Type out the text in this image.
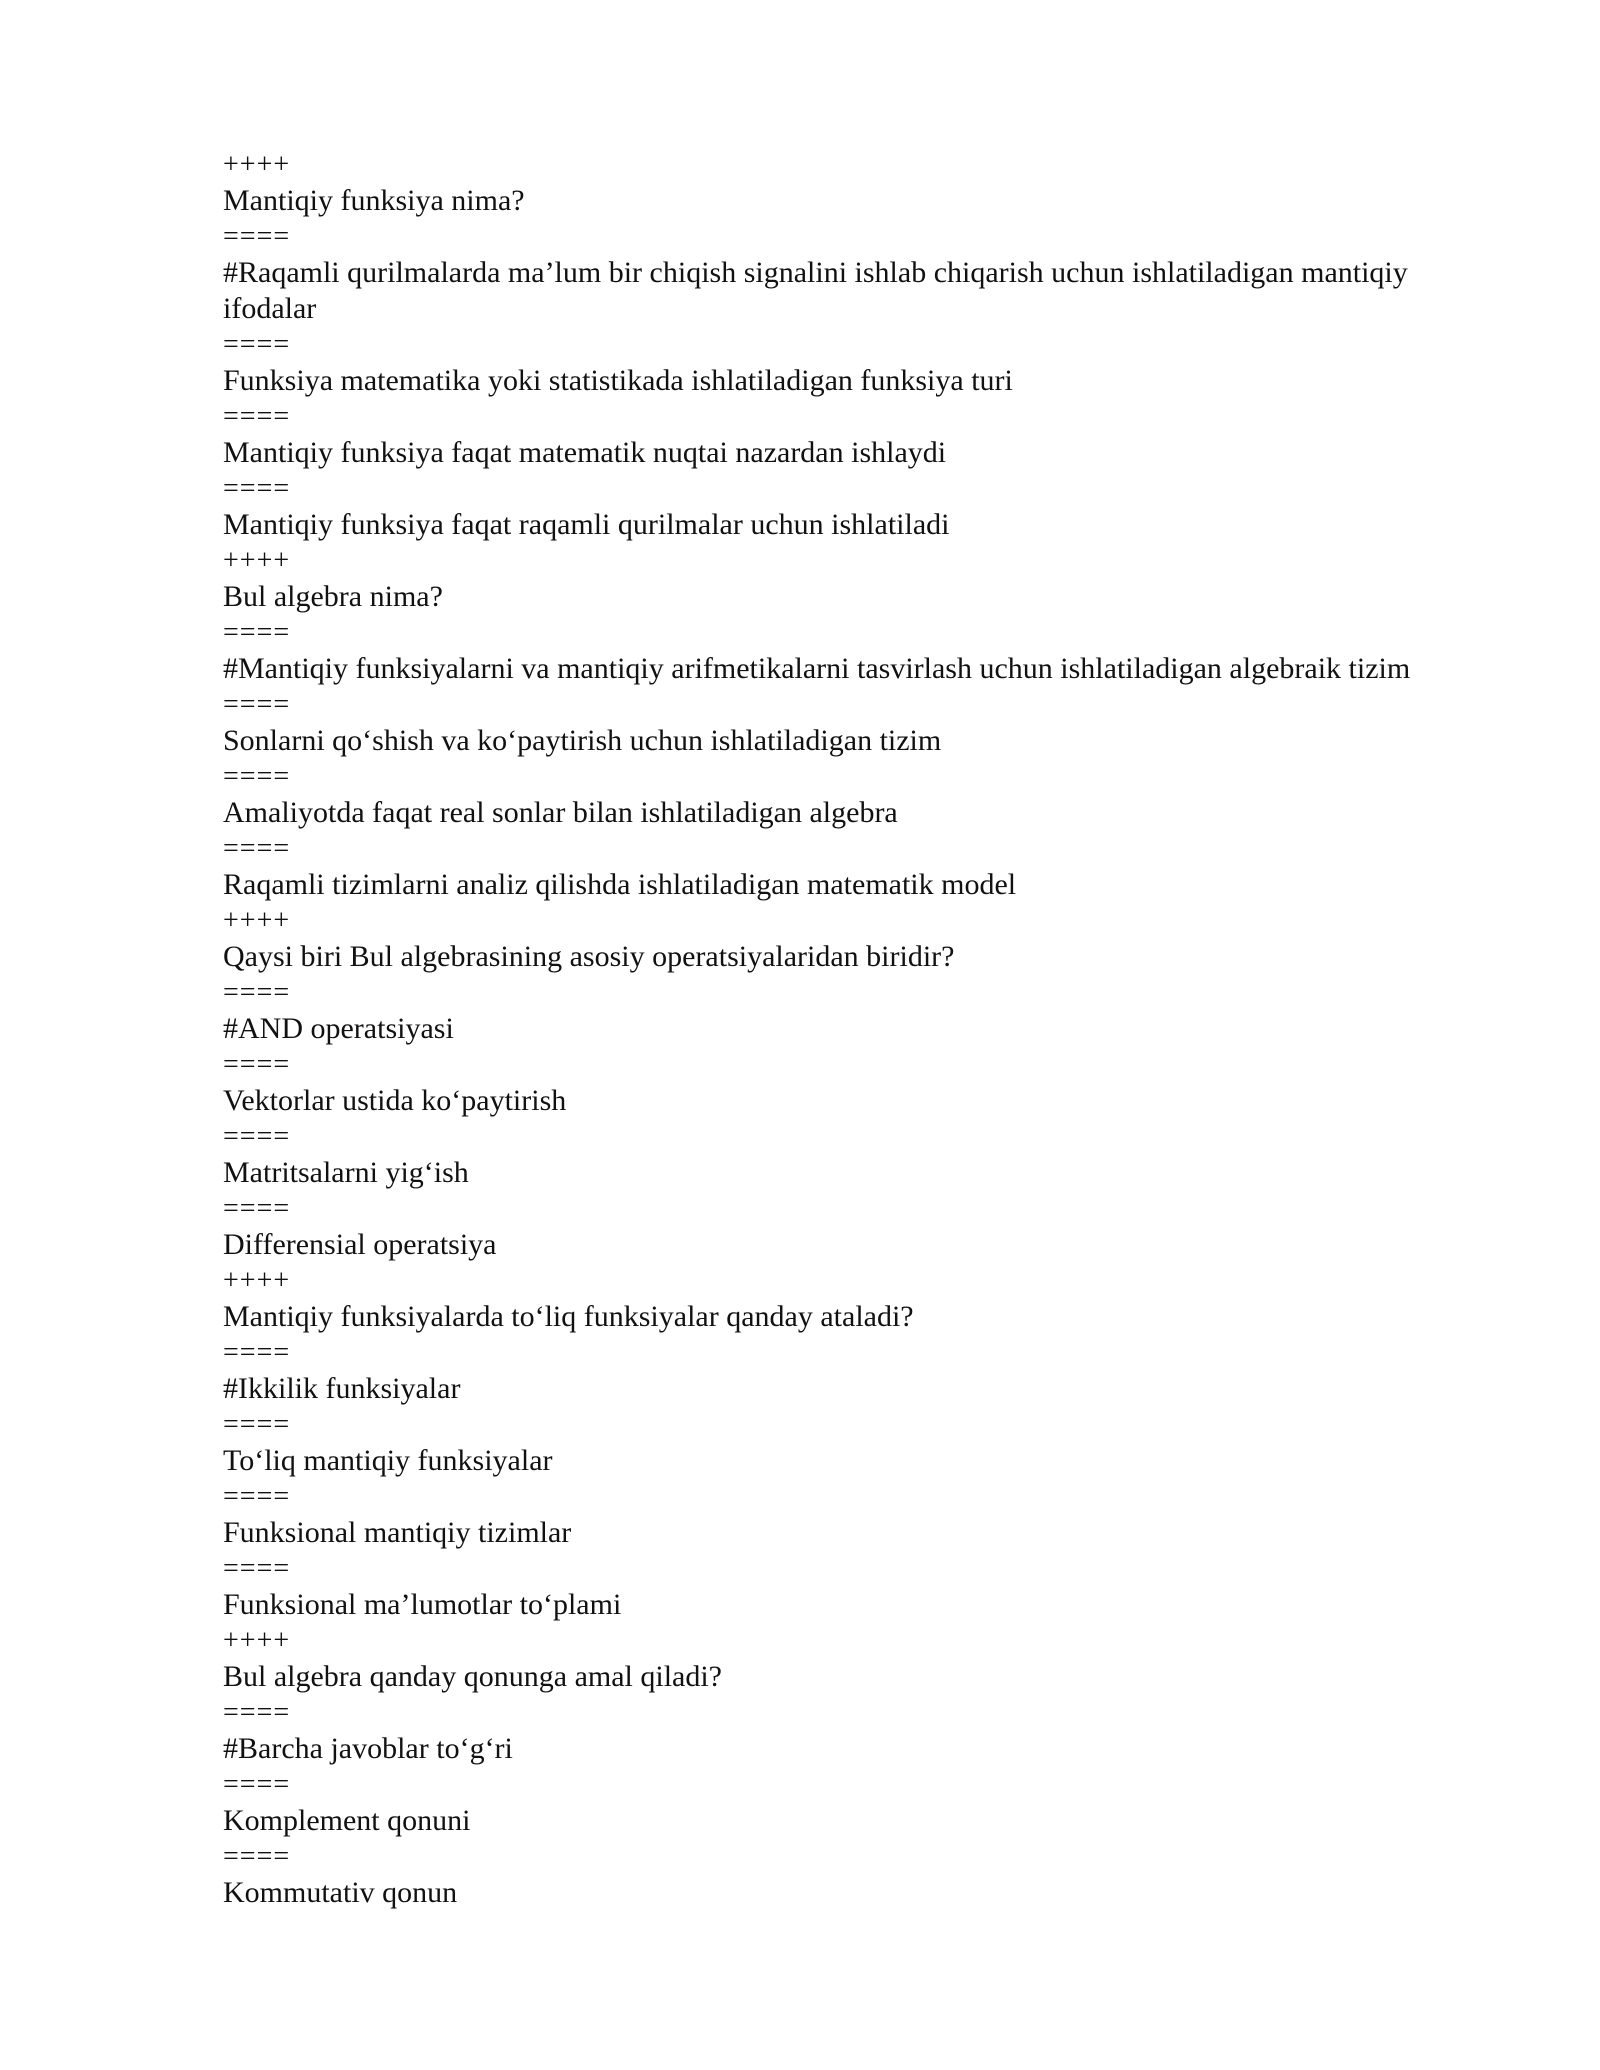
++++

Mantiqiy funksiya nima?

====

#Raqamli qurilmalarda ma’lum bir chiqish signalini ishlab chiqarish uchun ishlatiladigan mantiqiy ifodalar

====

Funksiya matematika yoki statistikada ishlatiladigan funksiya turi

====

Mantiqiy funksiya faqat matematik nuqtai nazardan ishlaydi

====

Mantiqiy funksiya faqat raqamli qurilmalar uchun ishlatiladi

++++

Bul algebra nima?

====

#Mantiqiy funksiyalarni va mantiqiy arifmetikalarni tasvirlash uchun ishlatiladigan algebraik tizim

====

Sonlarni qo‘shish va ko‘paytirish uchun ishlatiladigan tizim

====

Amaliyotda faqat real sonlar bilan ishlatiladigan algebra

====

Raqamli tizimlarni analiz qilishda ishlatiladigan matematik model

++++

Qaysi biri Bul algebrasining asosiy operatsiyalaridan biridir?

====

#AND operatsiyasi

====

Vektorlar ustida ko‘paytirish

====

Matritsalarni yig‘ish

====

Differensial operatsiya

++++

Mantiqiy funksiyalarda to‘liq funksiyalar qanday ataladi?

====

#Ikkilik funksiyalar

====

To‘liq mantiqiy funksiyalar

====

Funksional mantiqiy tizimlar

====

Funksional ma’lumotlar to‘plami

++++

Bul algebra qanday qonunga amal qiladi?

====

#Barcha javoblar to‘g‘ri

====

Komplement qonuni

====

Kommutativ qonun
